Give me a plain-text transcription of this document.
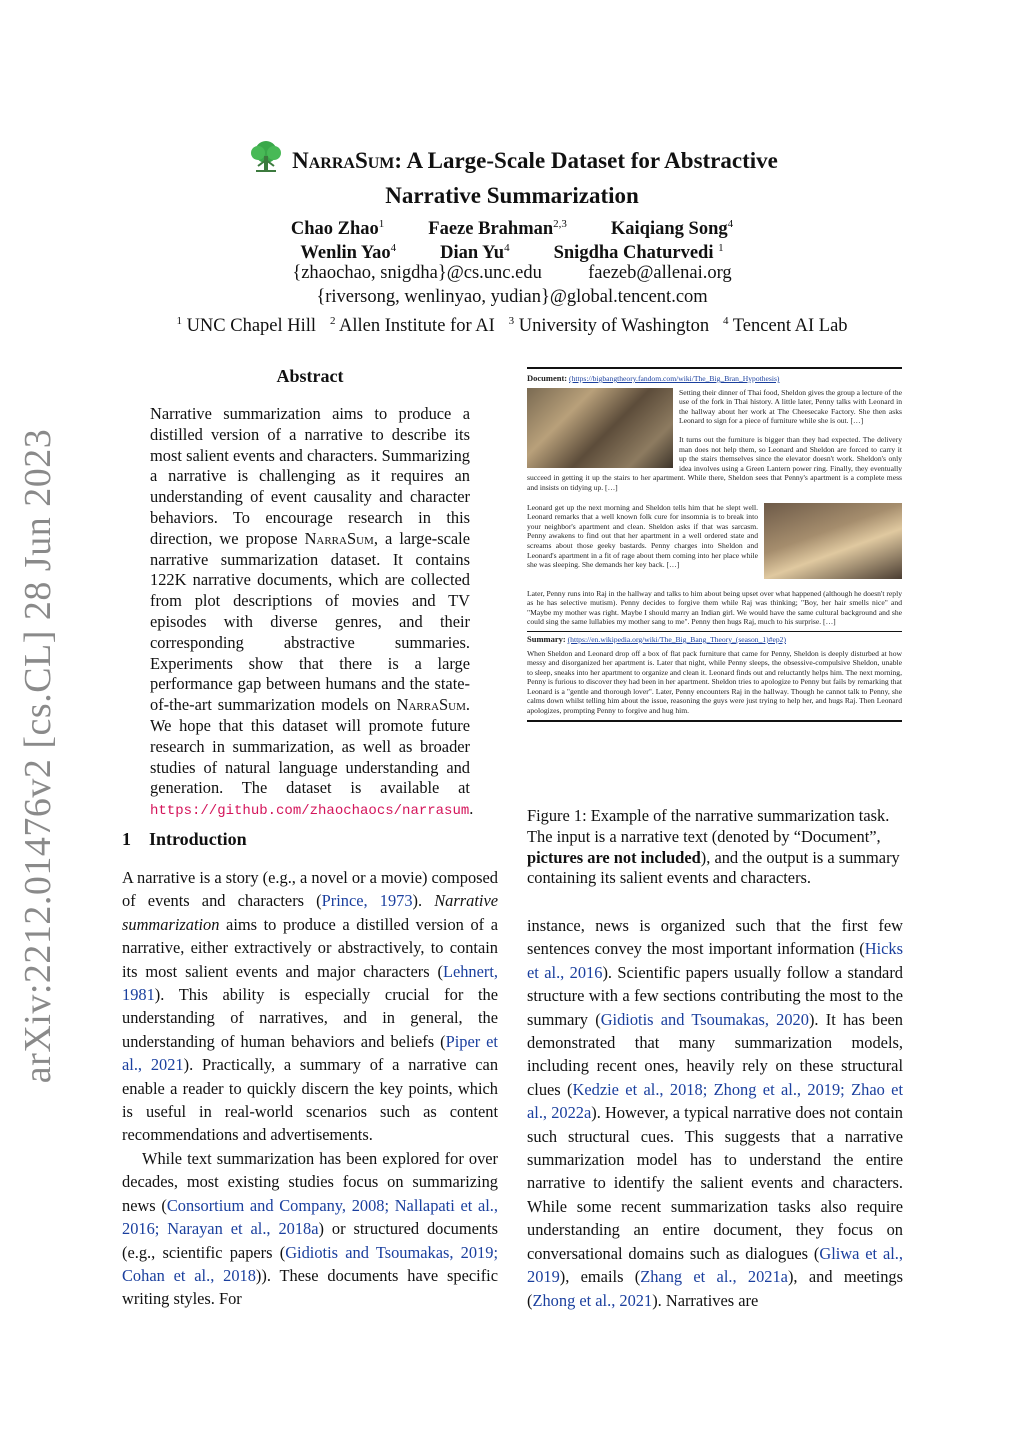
arXiv:2212.01476v2 [cs.CL] 28 Jun 2023
NarraSum: A Large-Scale Dataset for Abstractive
Narrative Summarization
Chao Zhao$^1$ Faeze Brahman$^{2,3}$ Kaiqiang Song$^4$
Wenlin Yao$^4$ Dian Yu$^4$ Snigdha Chaturvedi $^1$
{zhaochao, snigdha}@cs.unc.edu	faezeb@allenai.org
{riversong, wenlinyao, yudian}@global.tencent.com
$^1$ UNC Chapel Hill $^2$ Allen Institute for AI $^3$ University of Washington $^4$ Tencent AI Lab
Abstract
Narrative summarization aims to produce a distilled version of a narrative to describe its most salient events and characters. Summarizing a narrative is challenging as it requires an understanding of event causality and character behaviors. To encourage research in this direction, we propose NarraSum, a large-scale narrative summarization dataset. It contains 122K narrative documents, which are collected from plot descriptions of movies and TV episodes with diverse genres, and their corresponding abstractive summaries. Experiments show that there is a large performance gap between humans and the state-of-the-art summarization models on NarraSum. We hope that this dataset will promote future research in summarization, as well as broader studies of natural language understanding and generation. The dataset is available at https://github.com/zhaochaocs/narrasum.
1 Introduction

A narrative is a story (e.g., a novel or a movie) composed of events and characters (Prince, 1973). Narrative summarization aims to produce a distilled version of a narrative, either extractively or abstractively, to contain its most salient events and major characters (Lehnert, 1981). This ability is especially crucial for the understanding of narratives, and in general, the understanding of human behaviors and beliefs (Piper et al., 2021). Practically, a summary of a narrative can enable a reader to quickly discern the key points, which is useful in real-world scenarios such as content recommendations and advertisements.

While text summarization has been explored for over decades, most existing studies focus on summarizing news (Consortium and Company, 2008; Nallapati et al., 2016; Narayan et al., 2018a) or structured documents (e.g., scientific papers (Gidiotis and Tsoumakas, 2019; Cohan et al., 2018)). These documents have specific writing styles. For

Document: (https://bigbangtheory.fandom.com/wiki/The_Big_Bran_Hypothesis)

Setting their dinner of Thai food, Sheldon gives the group a lecture of the use of the fork in Thai history. A little later, Penny talks with Leonard in the hallway about her work at The Cheesecake Factory. She then asks Leonard to sign for a piece of furniture while she is out. […]

It turns out the furniture is bigger than they had expected. The delivery man does not help them, so Leonard and Sheldon are forced to carry it up the stairs themselves since the elevator doesn't work. Sheldon's only idea involves using a Green Lantern power ring. Finally, they eventually succeed in getting it up the stairs to her apartment. While there, Sheldon sees that Penny's apartment is a complete mess and insists on tidying up. […]

Leonard get up the next morning and Sheldon tells him that he slept well. Leonard remarks that a well known folk cure for insomnia is to break into your neighbor's apartment and clean. Sheldon asks if that was sarcasm. Penny awakens to find out that her apartment in a well ordered state and screams about those geeky bastards. Penny charges into Sheldon and Leonard's apartment in a fit of rage about them coming into her place while she was sleeping. She demands her key back. […]

Later, Penny runs into Raj in the hallway and talks to him about being upset over what happened (although he doesn't reply as he has selective mutism). Penny decides to forgive them while Raj was thinking; "Boy, her hair smells nice" and "Maybe my mother was right. Maybe I should marry an Indian girl. We would have the same cultural background and she could sing the same lullabies my mother sang to me". Penny then hugs Raj, much to his surprise. […]

Summary: (https://en.wikipedia.org/wiki/The_Big_Bang_Theory_(season_1)#ep2)

When Sheldon and Leonard drop off a box of flat pack furniture that came for Penny, Sheldon is deeply disturbed at how messy and disorganized her apartment is. Later that night, while Penny sleeps, the obsessive-compulsive Sheldon, unable to sleep, sneaks into her apartment to organize and clean it. Leonard finds out and reluctantly helps him. The next morning, Penny is furious to discover they had been in her apartment. Sheldon tries to apologize to Penny but fails by remarking that Leonard is a "gentle and thorough lover". Later, Penny encounters Raj in the hallway. Though he cannot talk to Penny, she calms down whilst telling him about the issue, reasoning the guys were just trying to help her, and hugs Raj. Then Leonard apologizes, prompting Penny to forgive and hug him.

Figure 1: Example of the narrative summarization task. The input is a narrative text (denoted by “Document”, pictures are not included), and the output is a summary containing its salient events and characters.
instance, news is organized such that the first few sentences convey the most important information (Hicks et al., 2016). Scientific papers usually follow a standard structure with a few sections contributing the most to the summary (Gidiotis and Tsoumakas, 2020). It has been demonstrated that many summarization models, including recent ones, heavily rely on these structural clues (Kedzie et al., 2018; Zhong et al., 2019; Zhao et al., 2022a). However, a typical narrative does not contain such structural cues. This suggests that a narrative summarization model has to understand the entire narrative to identify the salient events and characters. While some recent summarization tasks also require understanding an entire document, they focus on conversational domains such as dialogues (Gliwa et al., 2019), emails (Zhang et al., 2021a), and meetings (Zhong et al., 2021). Narratives are
